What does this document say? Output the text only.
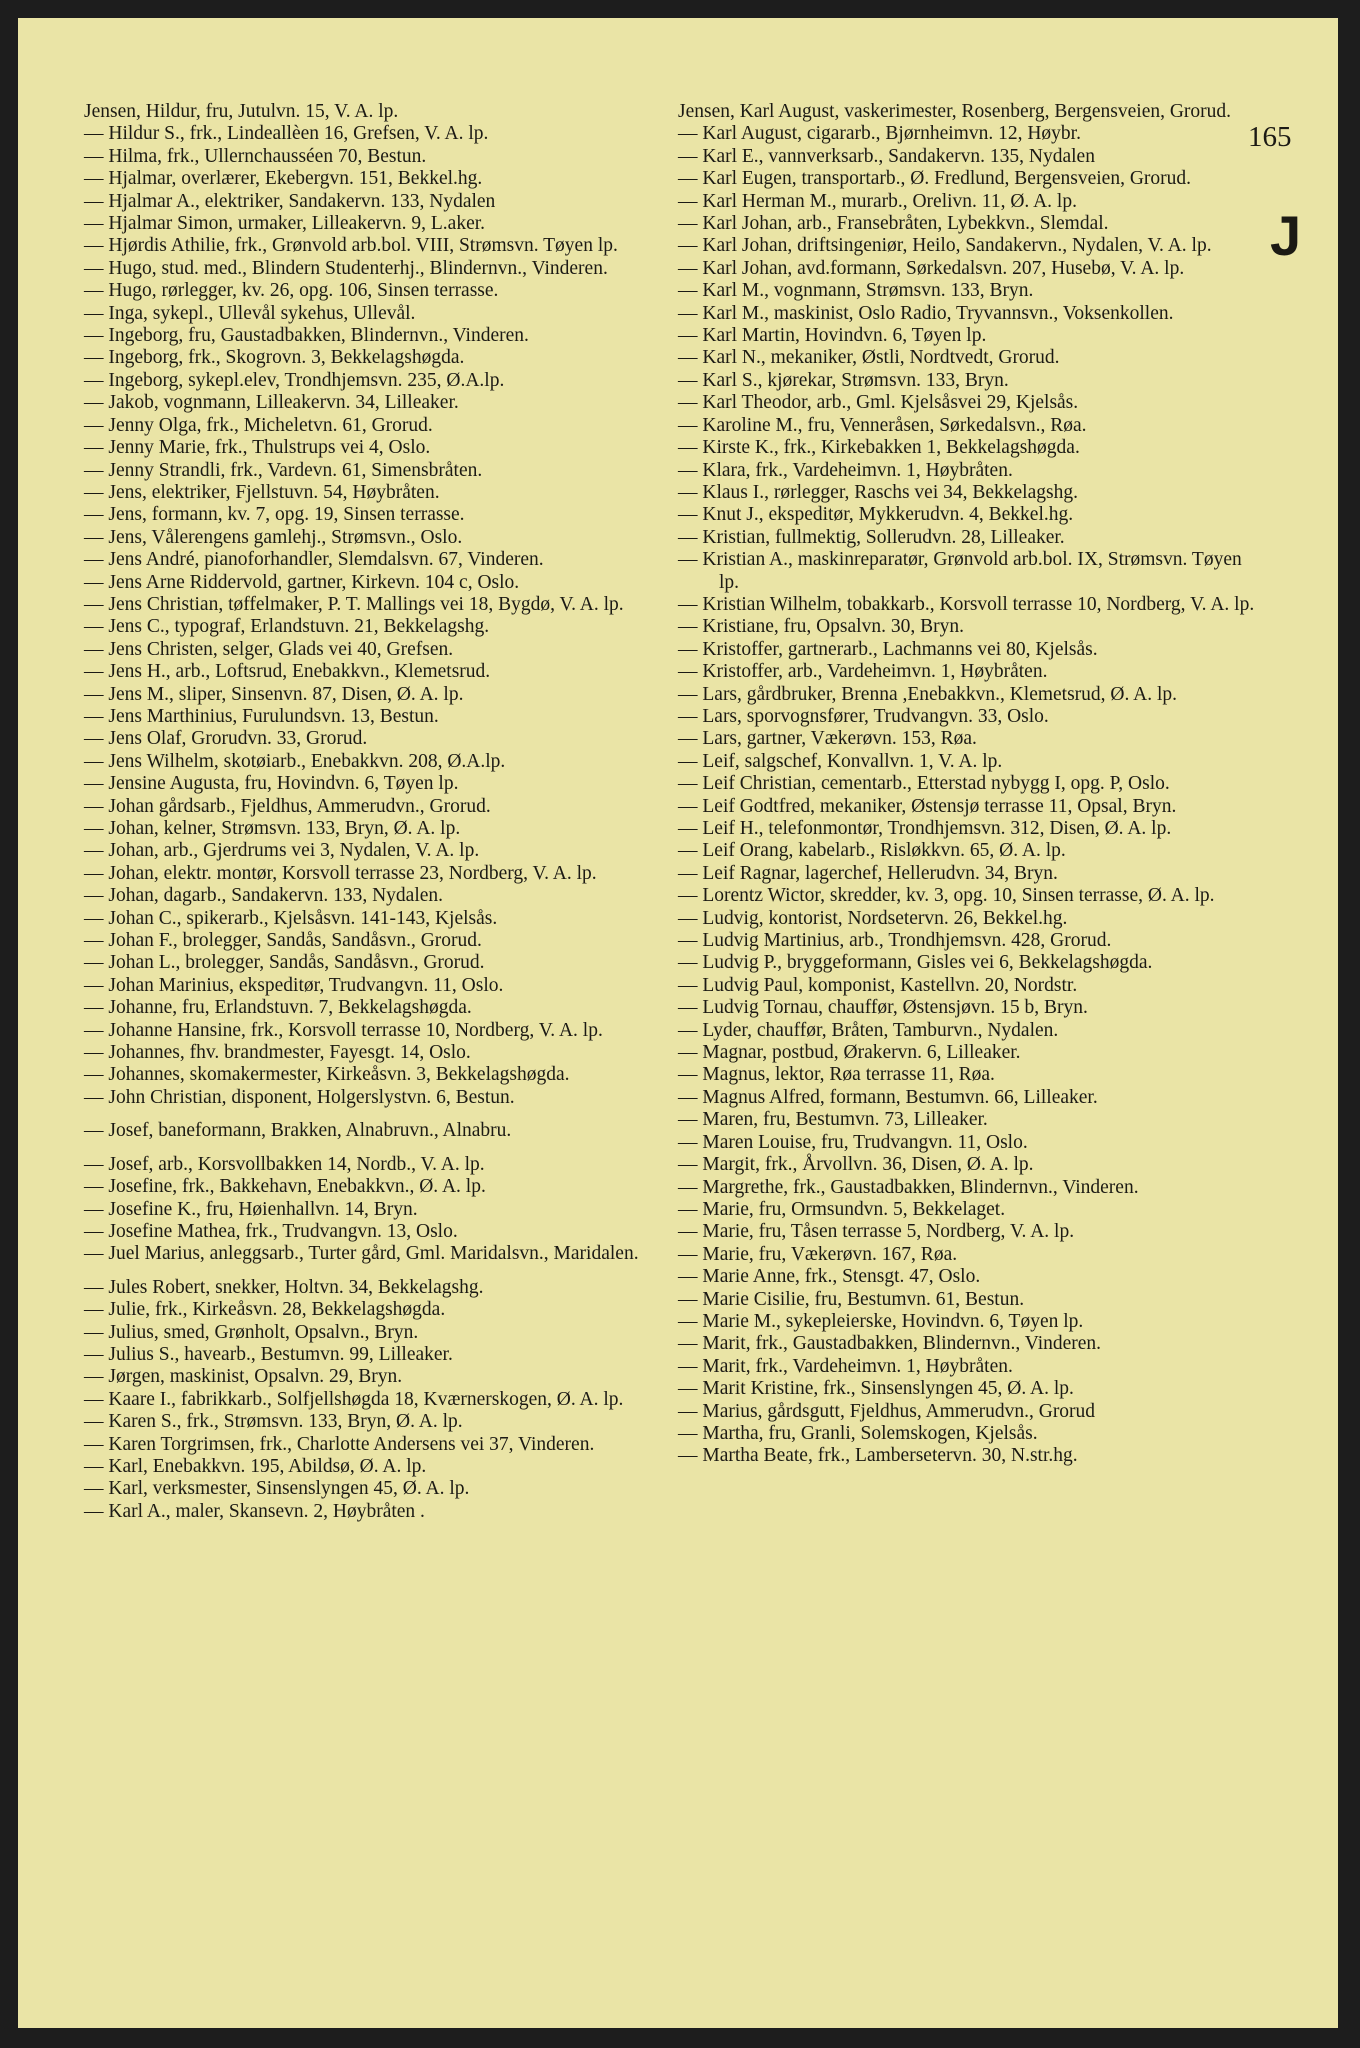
165
J

Jensen, Hildur, fru, Jutulvn. 15, V. A. lp.

— Hildur S., frk., Lindeallèen 16, Grefsen, V. A. lp.

— Hilma, frk., Ullernchausséen 70, Bestun.

— Hjalmar, overlærer, Ekebergvn. 151, Bekkel.hg.

— Hjalmar A., elektriker, Sandakervn. 133, Nydalen

— Hjalmar Simon, urmaker, Lilleakervn. 9, L.aker.

— Hjørdis Athilie, frk., Grønvold arb.bol. VIII, Strømsvn. Tøyen lp.

— Hugo, stud. med., Blindern Studenterhj., Blindernvn., Vinderen.

— Hugo, rørlegger, kv. 26, opg. 106, Sinsen terrasse.

— Inga, sykepl., Ullevål sykehus, Ullevål.

— Ingeborg, fru, Gaustadbakken, Blindernvn., Vinderen.

— Ingeborg, frk., Skogrovn. 3, Bekkelagshøgda.

— Ingeborg, sykepl.elev, Trondhjemsvn. 235, Ø.A.lp.

— Jakob, vognmann, Lilleakervn. 34, Lilleaker.

— Jenny Olga, frk., Micheletvn. 61, Grorud.

— Jenny Marie, frk., Thulstrups vei 4, Oslo.

— Jenny Strandli, frk., Vardevn. 61, Simensbråten.

— Jens, elektriker, Fjellstuvn. 54, Høybråten.

— Jens, formann, kv. 7, opg. 19, Sinsen terrasse.

— Jens, Vålerengens gamlehj., Strømsvn., Oslo.

— Jens André, pianoforhandler, Slemdalsvn. 67, Vinderen.

— Jens Arne Riddervold, gartner, Kirkevn. 104 c, Oslo.

— Jens Christian, tøffelmaker, P. T. Mallings vei 18, Bygdø, V. A. lp.

— Jens C., typograf, Erlandstuvn. 21, Bekkelagshg.

— Jens Christen, selger, Glads vei 40, Grefsen.

— Jens H., arb., Loftsrud, Enebakkvn., Klemetsrud.

— Jens M., sliper, Sinsenvn. 87, Disen, Ø. A. lp.

— Jens Marthinius, Furulundsvn. 13, Bestun.

— Jens Olaf, Grorudvn. 33, Grorud.

— Jens Wilhelm, skotøiarb., Enebakkvn. 208, Ø.A.lp.

— Jensine Augusta, fru, Hovindvn. 6, Tøyen lp.

— Johan gårdsarb., Fjeldhus, Ammerudvn., Grorud.

— Johan, kelner, Strømsvn. 133, Bryn, Ø. A. lp.

— Johan, arb., Gjerdrums vei 3, Nydalen, V. A. lp.

— Johan, elektr. montør, Korsvoll terrasse 23, Nordberg, V. A. lp.

— Johan, dagarb., Sandakervn. 133, Nydalen.

— Johan C., spikerarb., Kjelsåsvn. 141-143, Kjelsås.

— Johan F., brolegger, Sandås, Sandåsvn., Grorud.

— Johan L., brolegger, Sandås, Sandåsvn., Grorud.

— Johan Marinius, ekspeditør, Trudvangvn. 11, Oslo.

— Johanne, fru, Erlandstuvn. 7, Bekkelagshøgda.

— Johanne Hansine, frk., Korsvoll terrasse 10, Nordberg, V. A. lp.

— Johannes, fhv. brandmester, Fayesgt. 14, Oslo.

— Johannes, skomakermester, Kirkeåsvn. 3, Bekkelagshøgda.

— John Christian, disponent, Holgerslystvn. 6, Bestun.

— Josef, baneformann, Brakken, Alnabruvn., Alnabru.

— Josef, arb., Korsvollbakken 14, Nordb., V. A. lp.

— Josefine, frk., Bakkehavn, Enebakkvn., Ø. A. lp.

— Josefine K., fru, Høienhallvn. 14, Bryn.

— Josefine Mathea, frk., Trudvangvn. 13, Oslo.

— Juel Marius, anleggsarb., Turter gård, Gml. Maridalsvn., Maridalen.

— Jules Robert, snekker, Holtvn. 34, Bekkelagshg.

— Julie, frk., Kirkeåsvn. 28, Bekkelagshøgda.

— Julius, smed, Grønholt, Opsalvn., Bryn.

— Julius S., havearb., Bestumvn. 99, Lilleaker.

— Jørgen, maskinist, Opsalvn. 29, Bryn.

— Kaare I., fabrikkarb., Solfjellshøgda 18, Kværnerskogen, Ø. A. lp.

— Karen S., frk., Strømsvn. 133, Bryn, Ø. A. lp.

— Karen Torgrimsen, frk., Charlotte Andersens vei 37, Vinderen.

— Karl, Enebakkvn. 195, Abildsø, Ø. A. lp.

— Karl, verksmester, Sinsenslyngen 45, Ø. A. lp.

— Karl A., maler, Skansevn. 2, Høybråten .

Jensen, Karl August, vaskerimester, Rosenberg, Bergensveien, Grorud.

— Karl August, cigararb., Bjørnheimvn. 12, Høybr.

— Karl E., vannverksarb., Sandakervn. 135, Nydalen

— Karl Eugen, transportarb., Ø. Fredlund, Bergensveien, Grorud.

— Karl Herman M., murarb., Orelivn. 11, Ø. A. lp.

— Karl Johan, arb., Fransebråten, Lybekkvn., Slemdal.

— Karl Johan, driftsingeniør, Heilo, Sandakervn., Nydalen, V. A. lp.

— Karl Johan, avd.formann, Sørkedalsvn. 207, Husebø, V. A. lp.

— Karl M., vognmann, Strømsvn. 133, Bryn.

— Karl M., maskinist, Oslo Radio, Tryvannsvn., Voksenkollen.

— Karl Martin, Hovindvn. 6, Tøyen lp.

— Karl N., mekaniker, Østli, Nordtvedt, Grorud.

— Karl S., kjørekar, Strømsvn. 133, Bryn.

— Karl Theodor, arb., Gml. Kjelsåsvei 29, Kjelsås.

— Karoline M., fru, Venneråsen, Sørkedalsvn., Røa.

— Kirste K., frk., Kirkebakken 1, Bekkelagshøgda.

— Klara, frk., Vardeheimvn. 1, Høybråten.

— Klaus I., rørlegger, Raschs vei 34, Bekkelagshg.

— Knut J., ekspeditør, Mykkerudvn. 4, Bekkel.hg.

— Kristian, fullmektig, Sollerudvn. 28, Lilleaker.

— Kristian A., maskinreparatør, Grønvold arb.bol. IX, Strømsvn. Tøyen lp.

— Kristian Wilhelm, tobakkarb., Korsvoll terrasse 10, Nordberg, V. A. lp.

— Kristiane, fru, Opsalvn. 30, Bryn.

— Kristoffer, gartnerarb., Lachmanns vei 80, Kjelsås.

— Kristoffer, arb., Vardeheimvn. 1, Høybråten.

— Lars, gårdbruker, Brenna ,Enebakkvn., Klemetsrud, Ø. A. lp.

— Lars, sporvognsfører, Trudvangvn. 33, Oslo.

— Lars, gartner, Vækerøvn. 153, Røa.

— Leif, salgschef, Konvallvn. 1, V. A. lp.

— Leif Christian, cementarb., Etterstad nybygg I, opg. P, Oslo.

— Leif Godtfred, mekaniker, Østensjø terrasse 11, Opsal, Bryn.

— Leif H., telefonmontør, Trondhjemsvn. 312, Disen, Ø. A. lp.

— Leif Orang, kabelarb., Risløkkvn. 65, Ø. A. lp.

— Leif Ragnar, lagerchef, Hellerudvn. 34, Bryn.

— Lorentz Wictor, skredder, kv. 3, opg. 10, Sinsen terrasse, Ø. A. lp.

— Ludvig, kontorist, Nordsetervn. 26, Bekkel.hg.

— Ludvig Martinius, arb., Trondhjemsvn. 428, Grorud.

— Ludvig P., bryggeformann, Gisles vei 6, Bekkelagshøgda.

— Ludvig Paul, komponist, Kastellvn. 20, Nordstr.

— Ludvig Tornau, chauffør, Østensjøvn. 15 b, Bryn.

— Lyder, chauffør, Bråten, Tamburvn., Nydalen.

— Magnar, postbud, Ørakervn. 6, Lilleaker.

— Magnus, lektor, Røa terrasse 11, Røa.

— Magnus Alfred, formann, Bestumvn. 66, Lilleaker.

— Maren, fru, Bestumvn. 73, Lilleaker.

— Maren Louise, fru, Trudvangvn. 11, Oslo.

— Margit, frk., Årvollvn. 36, Disen, Ø. A. lp.

— Margrethe, frk., Gaustadbakken, Blindernvn., Vinderen.

— Marie, fru, Ormsundvn. 5, Bekkelaget.

— Marie, fru, Tåsen terrasse 5, Nordberg, V. A. lp.

— Marie, fru, Vækerøvn. 167, Røa.

— Marie Anne, frk., Stensgt. 47, Oslo.

— Marie Cisilie, fru, Bestumvn. 61, Bestun.

— Marie M., sykepleierske, Hovindvn. 6, Tøyen lp.

— Marit, frk., Gaustadbakken, Blindernvn., Vinderen.

— Marit, frk., Vardeheimvn. 1, Høybråten.

— Marit Kristine, frk., Sinsenslyngen 45, Ø. A. lp.

— Marius, gårdsgutt, Fjeldhus, Ammerudvn., Grorud

— Martha, fru, Granli, Solemskogen, Kjelsås.

— Martha Beate, frk., Lambersetervn. 30, N.str.hg.
